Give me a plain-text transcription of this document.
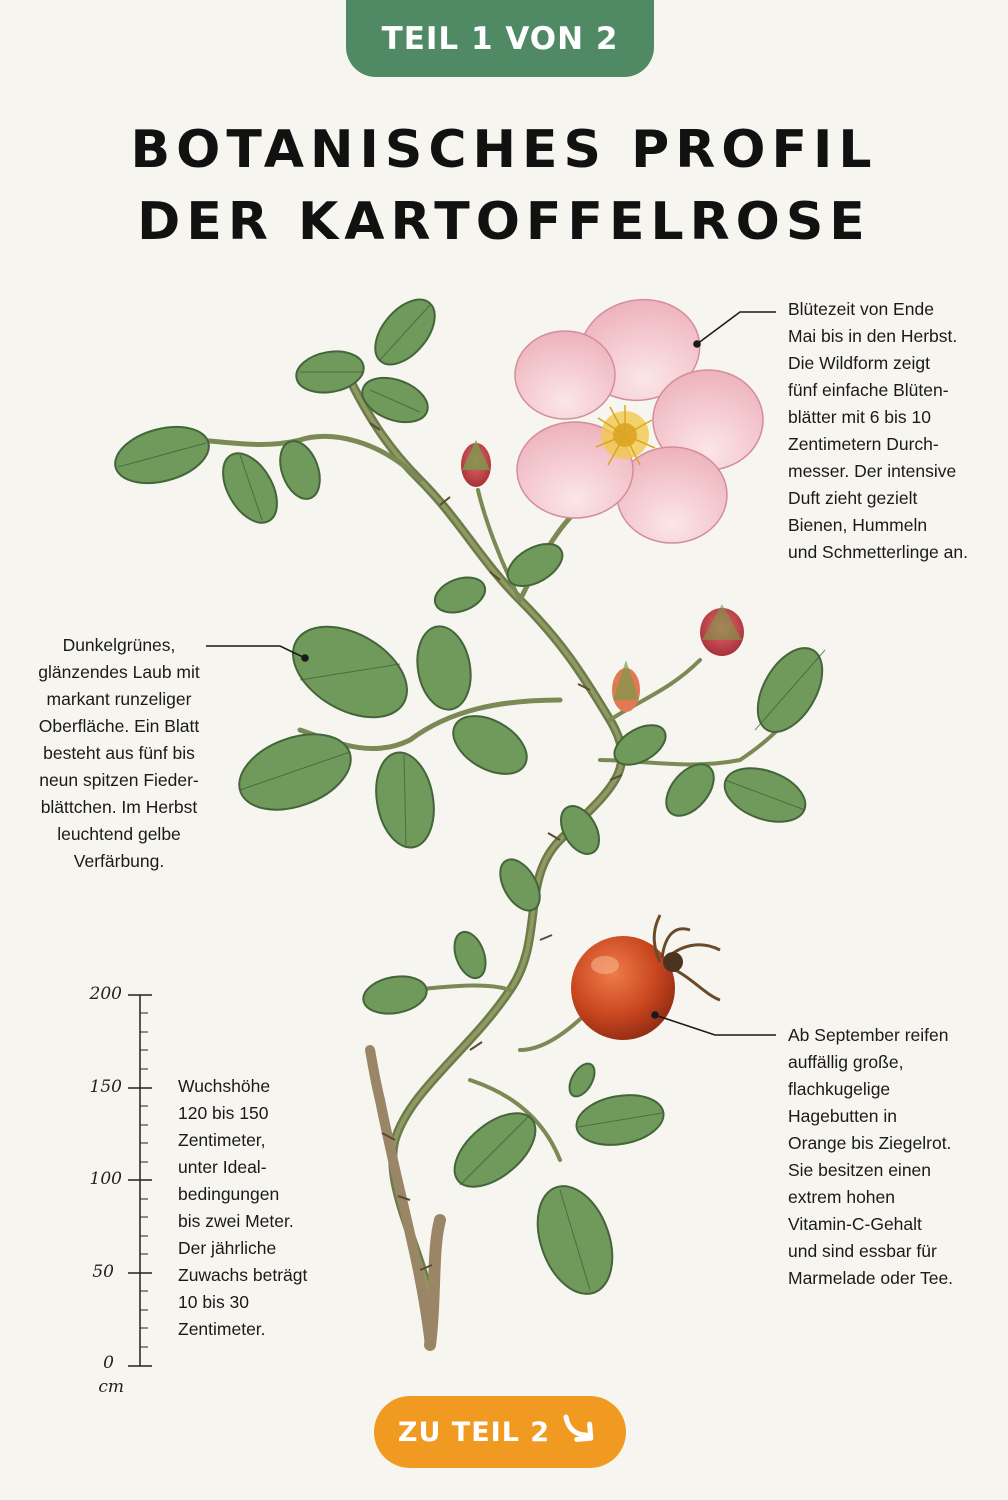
TEIL 1 VON 2
BOTANISCHES PROFIL
DER KARTOFFELROSE
200
150
100
50
0
cm
Blütezeit von Ende
Mai bis in den Herbst.
Die Wildform zeigt
fünf einfache Blüten-
blätter mit 6 bis 10
Zentimetern Durch-
messer. Der intensive
Duft zieht gezielt
Bienen, Hummeln
und Schmetterlinge an.
Dunkelgrünes,
glänzendes Laub mit
markant runzeliger
Oberfläche. Ein Blatt
besteht aus fünf bis
neun spitzen Fieder-
blättchen. Im Herbst
leuchtend gelbe
Verfärbung.
Ab September reifen
auffällig große,
flachkugelige
Hagebutten in
Orange bis Ziegelrot.
Sie besitzen einen
extrem hohen
Vitamin-C-Gehalt
und sind essbar für
Marmelade oder Tee.
Wuchshöhe
120 bis 150
Zentimeter,
unter Ideal-
bedingungen
bis zwei Meter.
Der jährliche
Zuwachs beträgt
10 bis 30
Zentimeter.
ZU TEIL 2
